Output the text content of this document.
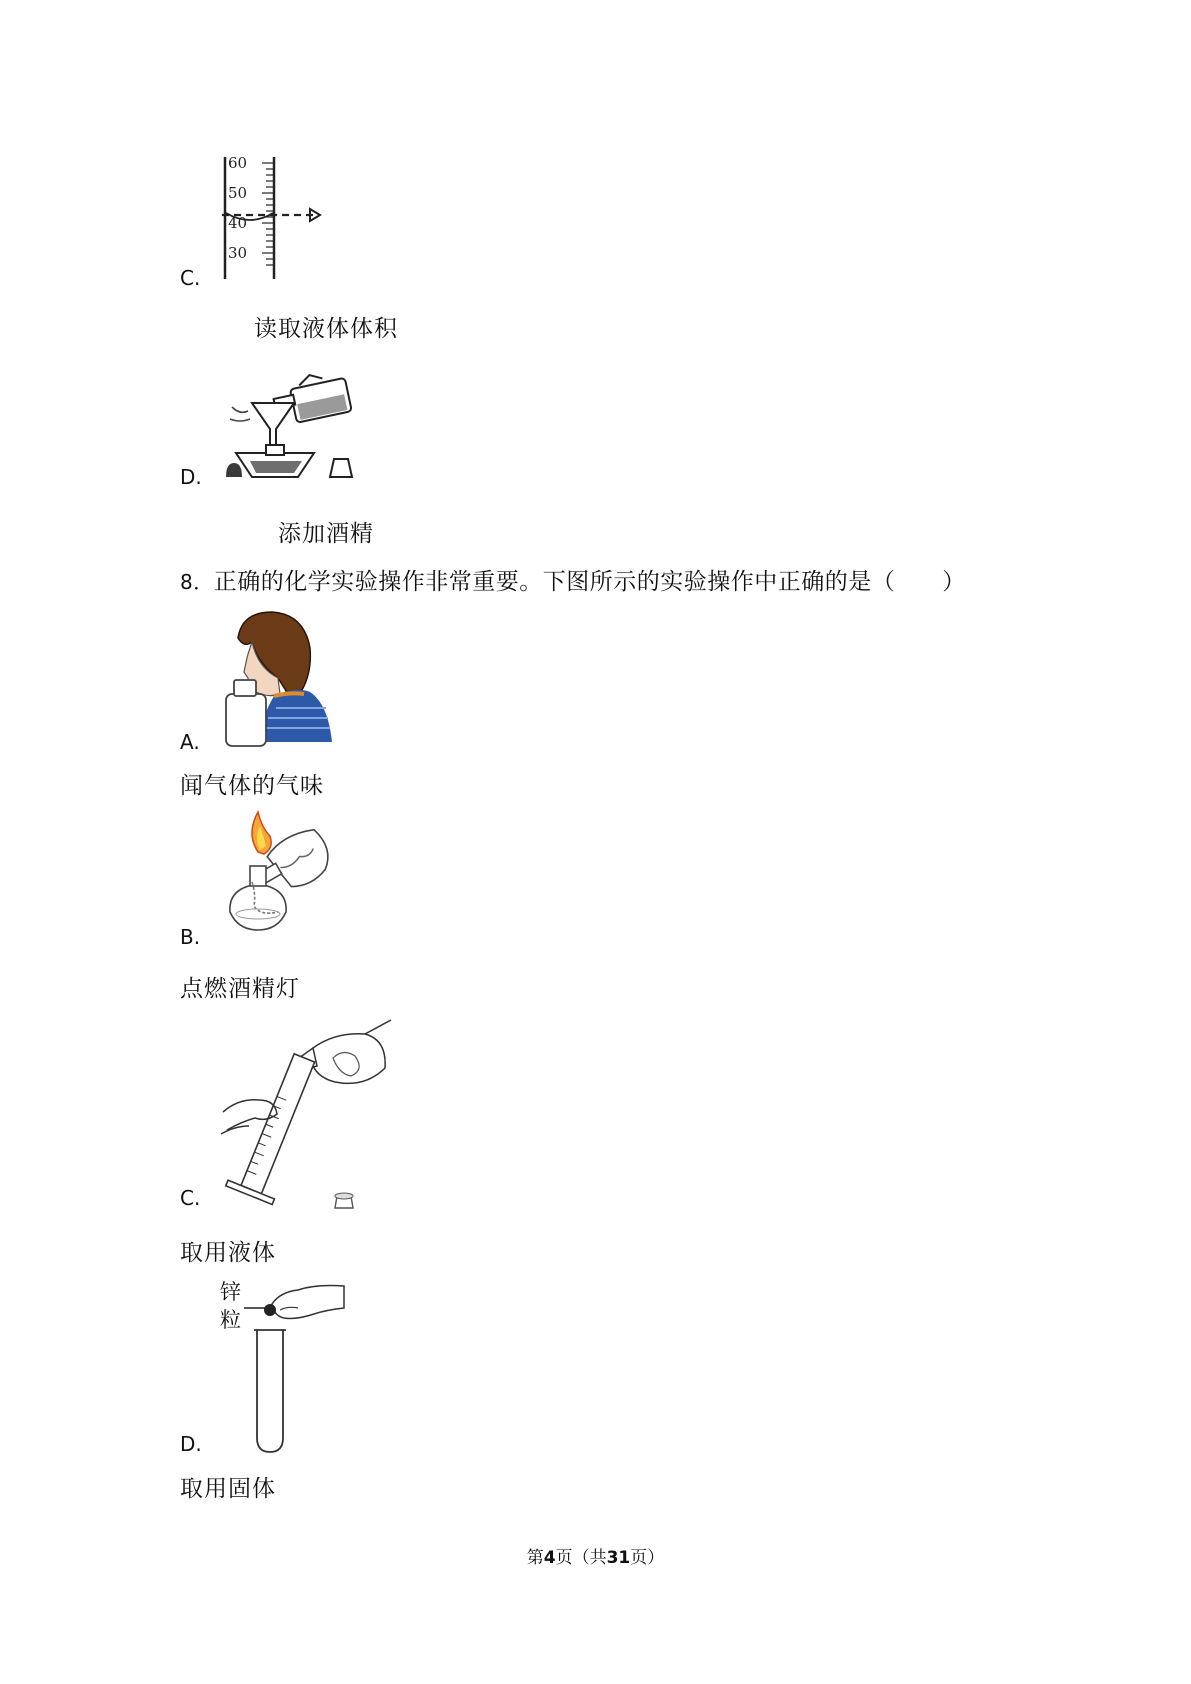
60
50
40
30
C.
读取液体体积
D.
添加酒精
8．正确的化学实验操作非常重要。下图所示的实验操作中正确的是（　　）
A.
闻气体的气味
B.
点燃酒精灯
C.
取用液体
锌粒
D.
取用固体
第4页（共31页）
